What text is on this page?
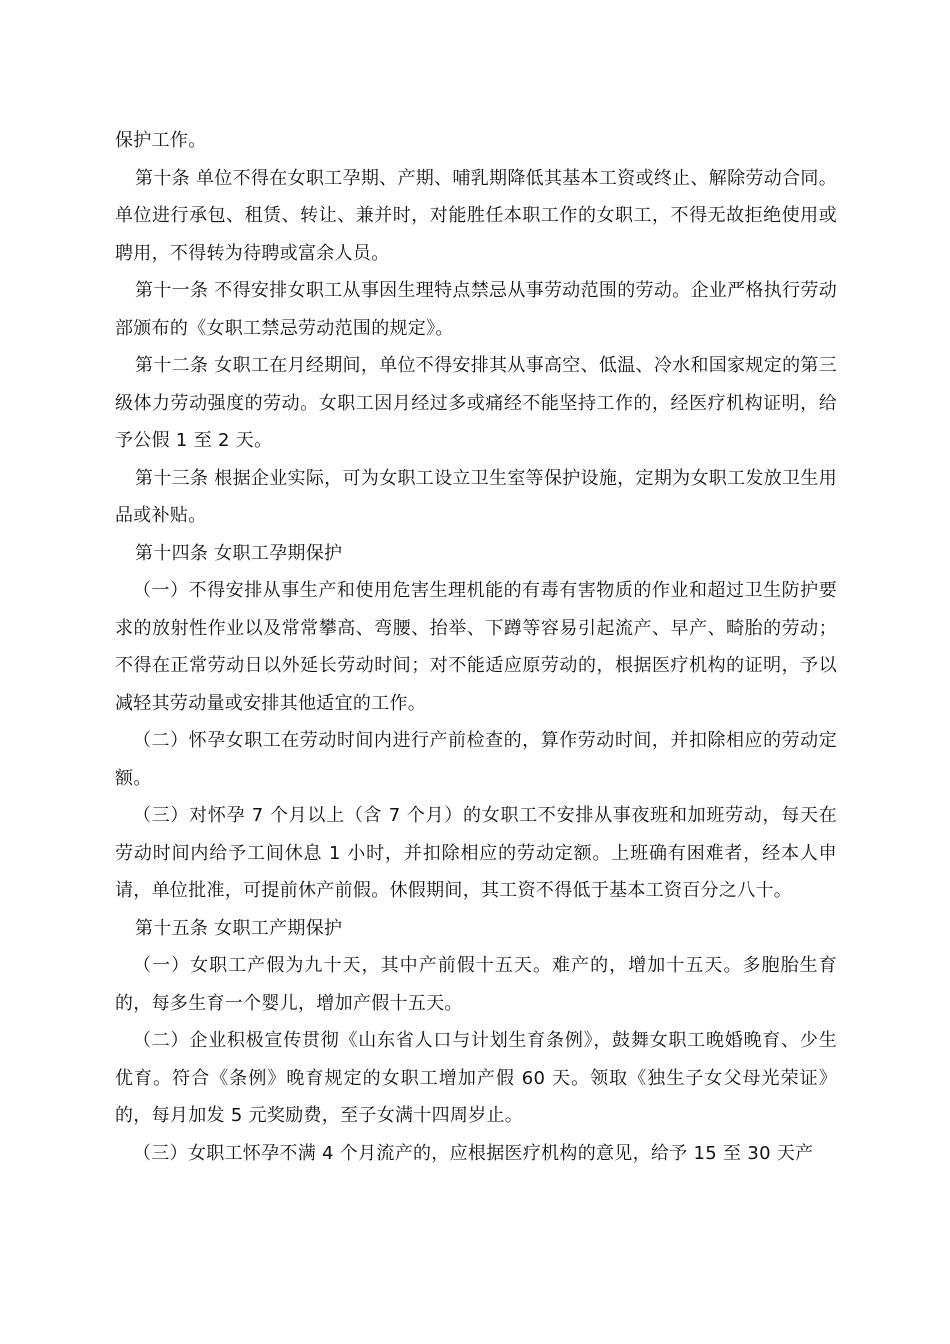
保护工作。

第十条 单位不得在女职工孕期、产期、哺乳期降低其基本工资或终止、解除劳动合同。单位进行承包、租赁、转让、兼并时，对能胜任本职工作的女职工，不得无故拒绝使用或聘用，不得转为待聘或富余人员。

第十一条 不得安排女职工从事因生理特点禁忌从事劳动范围的劳动。企业严格执行劳动部颁布的《女职工禁忌劳动范围的规定》。

第十二条 女职工在月经期间，单位不得安排其从事高空、低温、冷水和国家规定的第三级体力劳动强度的劳动。女职工因月经过多或痛经不能坚持工作的，经医疗机构证明，给予公假 1 至 2 天。

第十三条 根据企业实际，可为女职工设立卫生室等保护设施，定期为女职工发放卫生用品或补贴。

第十四条 女职工孕期保护

（一）不得安排从事生产和使用危害生理机能的有毒有害物质的作业和超过卫生防护要求的放射性作业以及常常攀高、弯腰、抬举、下蹲等容易引起流产、早产、畸胎的劳动；不得在正常劳动日以外延长劳动时间；对不能适应原劳动的，根据医疗机构的证明，予以减轻其劳动量或安排其他适宜的工作。

（二）怀孕女职工在劳动时间内进行产前检查的，算作劳动时间，并扣除相应的劳动定额。

（三）对怀孕 7 个月以上（含 7 个月）的女职工不安排从事夜班和加班劳动，每天在劳动时间内给予工间休息 1 小时，并扣除相应的劳动定额。上班确有困难者，经本人申请，单位批准，可提前休产前假。休假期间，其工资不得低于基本工资百分之八十。

第十五条 女职工产期保护

（一）女职工产假为九十天，其中产前假十五天。难产的，增加十五天。多胞胎生育的，每多生育一个婴儿，增加产假十五天。

（二）企业积极宣传贯彻《山东省人口与计划生育条例》，鼓舞女职工晚婚晚育、少生优育。符合《条例》晚育规定的女职工增加产假 60 天。领取《独生子女父母光荣证》的，每月加发 5 元奖励费，至子女满十四周岁止。

（三）女职工怀孕不满 4 个月流产的，应根据医疗机构的意见，给予 15 至 30 天产
